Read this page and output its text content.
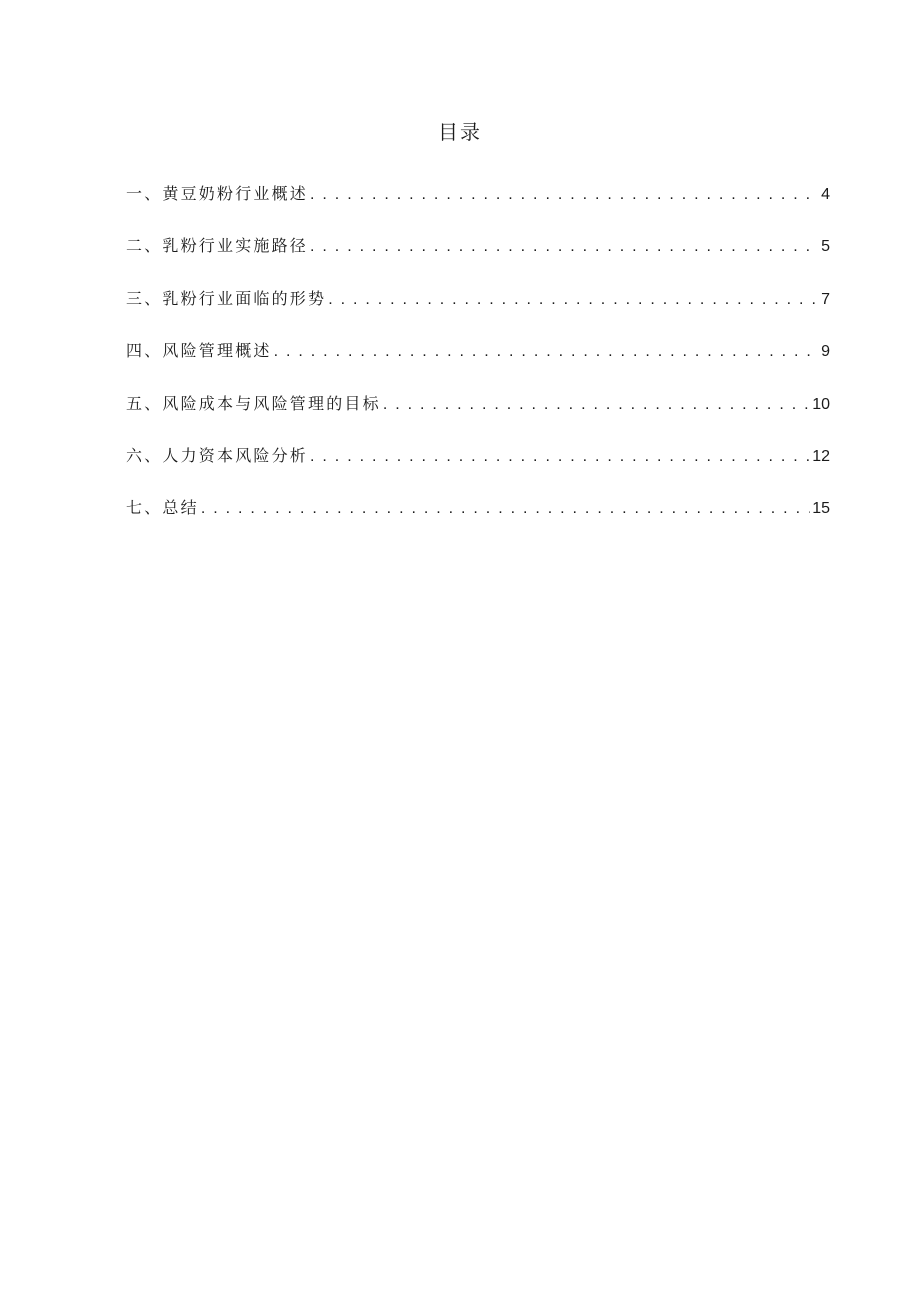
目录
一、黄豆奶粉行业概述 . . .	4
二、乳粉行业实施路径 . . .	5
三、乳粉行业面临的形势 . . .	7
四、风险管理概述 . . .	9
五、风险成本与风险管理的目标 . . .	10
六、人力资本风险分析 . . .	12
七、总结 . . .	15
